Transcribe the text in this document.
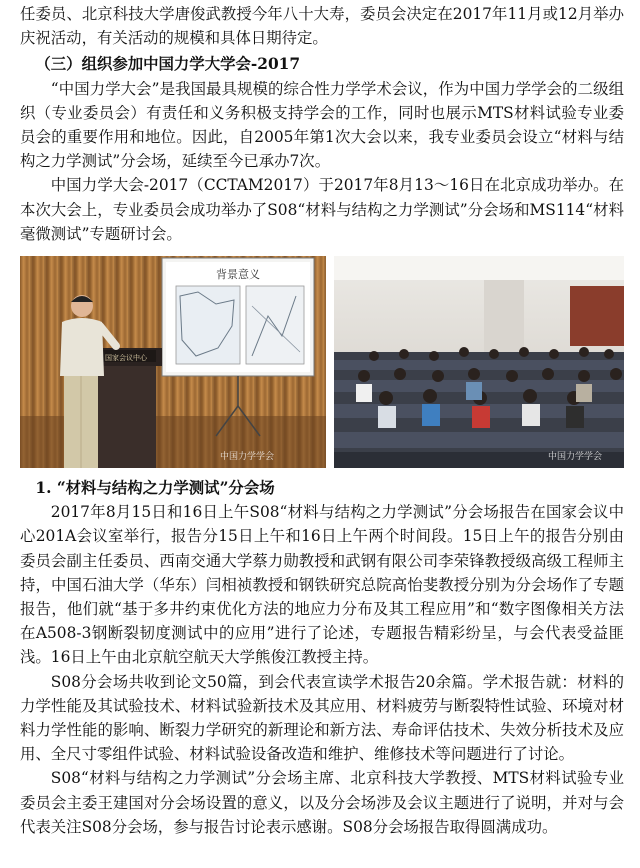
任委员、北京科技大学唐俊武教授今年八十大寿，委员会决定在2017年11月或12月举办庆祝活动，有关活动的规模和具体日期待定。

（三）组织参加中国力学大学会-2017

“中国力学大会”是我国最具规模的综合性力学学术会议，作为中国力学学会的二级组织（专业委员会）有责任和义务积极支持学会的工作，同时也展示MTS材料试验专业委员会的重要作用和地位。因此，自2005年第1次大会以来，我专业委员会设立“材料与结构之力学测试”分会场，延续至今已承办7次。

中国力学大会-2017（CCTAM2017）于2017年8月13～16日在北京成功举办。在本次大会上，专业委员会成功举办了S08“材料与结构之力学测试”分会场和MS114“材料毫微测试”专题研讨会。

背景意义
国家会议中心
中国力学学会	中国力学学会

1. “材料与结构之力学测试”分会场

2017年8月15日和16日上午S08“材料与结构之力学测试”分会场报告在国家会议中心201A会议室举行，报告分15日上午和16日上午两个时间段。15日上午的报告分别由委员会副主任委员、西南交通大学蔡力勋教授和武钢有限公司李荣锋教授级高级工程师主持，中国石油大学（华东）闫相祯教授和钢铁研究总院高怡斐教授分别为分会场作了专题报告，他们就“基于多井约束优化方法的地应力分布及其工程应用”和“数字图像相关方法在A508-3钢断裂韧度测试中的应用”进行了论述，专题报告精彩纷呈，与会代表受益匪浅。16日上午由北京航空航天大学熊俊江教授主持。

S08分会场共收到论文50篇，到会代表宣读学术报告20余篇。学术报告就：材料的力学性能及其试验技术、材料试验新技术及其应用、材料疲劳与断裂特性试验、环境对材料力学性能的影响、断裂力学研究的新理论和新方法、寿命评估技术、失效分析技术及应用、全尺寸零组件试验、材料试验设备改造和维护、维修技术等问题进行了讨论。

S08“材料与结构之力学测试”分会场主席、北京科技大学教授、MTS材料试验专业委员会主委王建国对分会场设置的意义，以及分会场涉及会议主题进行了说明，并对与会代表关注S08分会场，参与报告讨论表示感谢。S08分会场报告取得圆满成功。
